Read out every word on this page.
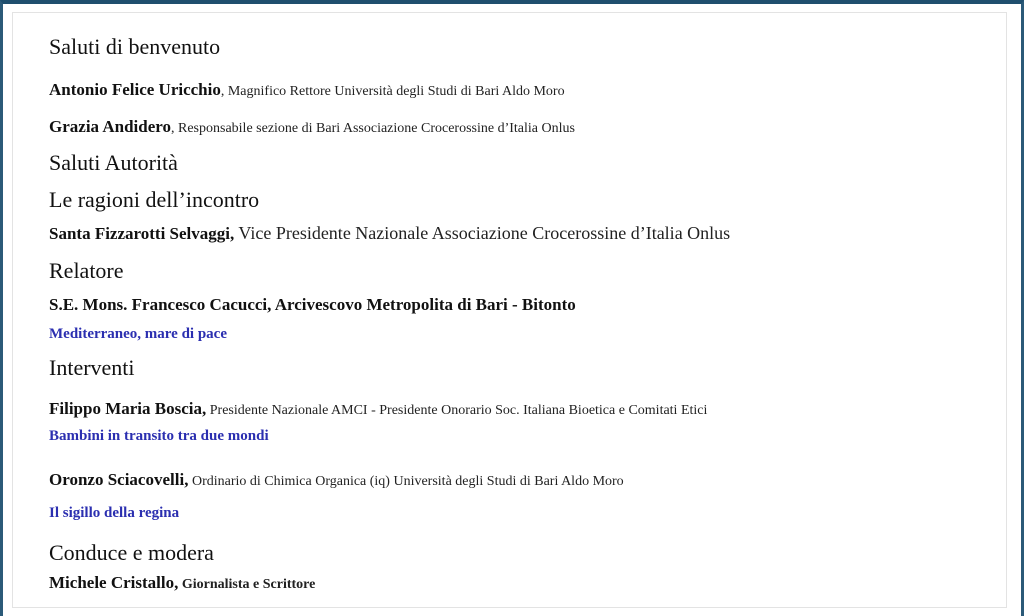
Saluti di benvenuto
Antonio Felice Uricchio, Magnifico Rettore Università degli Studi di Bari Aldo Moro
Grazia Andidero, Responsabile sezione di Bari Associazione Crocerossine d’Italia Onlus
Saluti Autorità
Le ragioni dell’incontro
Santa Fizzarotti Selvaggi, Vice Presidente Nazionale Associazione Crocerossine d’Italia Onlus
Relatore
S.E. Mons. Francesco Cacucci, Arcivescovo Metropolita di Bari - Bitonto
Mediterraneo, mare di pace
Interventi
Filippo Maria Boscia, Presidente Nazionale AMCI - Presidente Onorario Soc. Italiana Bioetica e Comitati Etici
Bambini in transito tra due mondi
Oronzo Sciacovelli, Ordinario di Chimica Organica (iq) Università degli Studi di Bari Aldo Moro
Il sigillo della regina
Conduce e modera
Michele Cristallo, Giornalista e Scrittore
